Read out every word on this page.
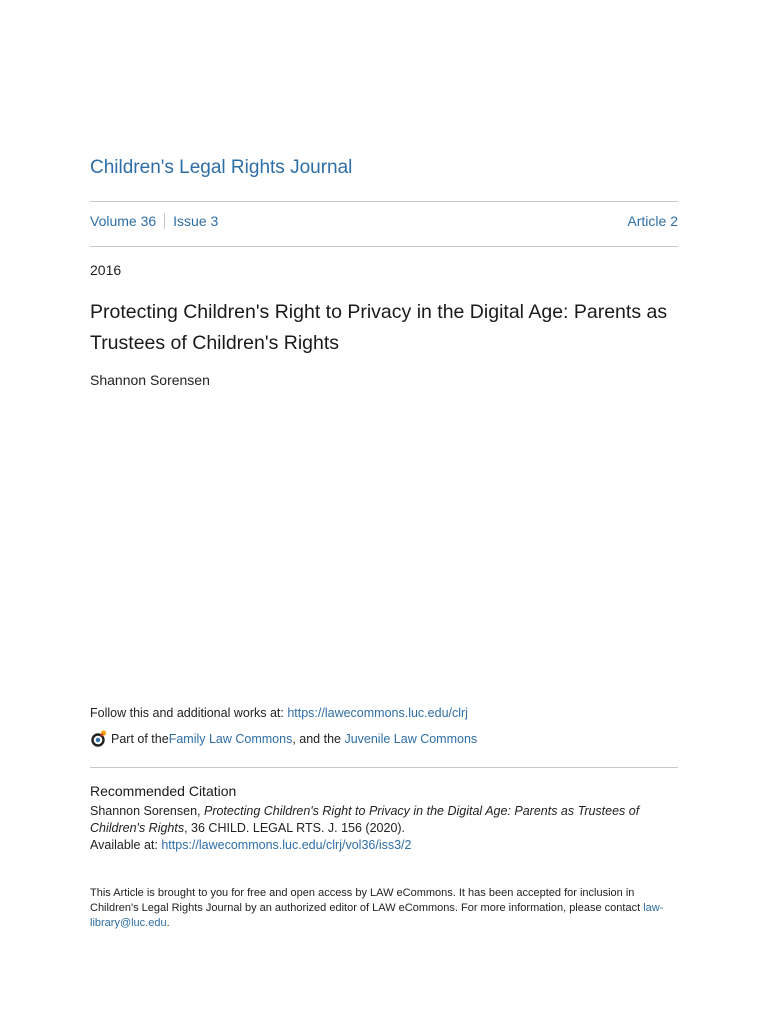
Children's Legal Rights Journal
Volume 36 Issue 3	Article 2
2016
Protecting Children's Right to Privacy in the Digital Age: Parents as Trustees of Children's Rights
Shannon Sorensen
Follow this and additional works at: https://lawecommons.luc.edu/clrj
Part of the Family Law Commons , and the Juvenile Law Commons
Recommended Citation
Shannon Sorensen, Protecting Children's Right to Privacy in the Digital Age: Parents as Trustees of Children's Rights, 36 CHILD. LEGAL RTS. J. 156 (2020).
Available at: https://lawecommons.luc.edu/clrj/vol36/iss3/2
This Article is brought to you for free and open access by LAW eCommons. It has been accepted for inclusion in Children's Legal Rights Journal by an authorized editor of LAW eCommons. For more information, please contact law-library@luc.edu.
